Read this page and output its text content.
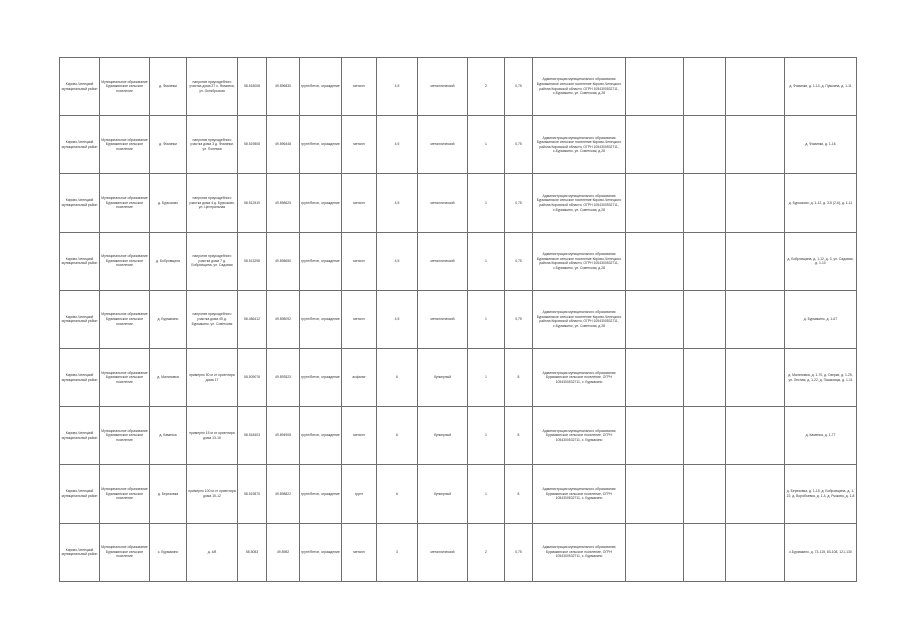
Кирово-Чепецкий муниципальный район	Муниципальное образование Бурмакинское сельское поселение	д. Фоминки	напротив приусадебного участка дома 27 с. Фоминки, ул. Октябрьская	58.518008	49.896830	грунт/бетон, ограждение	металл	4,5	металлический	2	0,75	Администрация муниципального образования Бурмакинское сельское поселение Кирово-Чепецкого района Кировской области, ОГРН 1054300532711, с.Бурмакино, ул. Советская, д.28				д. Фоминки, д. 1-14, д. Пушкина, д. 1-11
Кирово-Чепецкий муниципальный район	Муниципальное образование Бурмакинское сельское поселение	д. Фоминки	напротив приусадебного участка дома 3 д. Фоминки, ул. Полевая	58.519808	49.896448	грунт/бетон, ограждение	металл	4,5	металлический	1	0,75	Администрация муниципального образования Бурмакинское сельское поселение Кирово-Чепецкого района Кировской области, ОГРН 1054300532711, с.Бурмакино, ул. Советская, д.28				д. Фоминки, д. 1-16
Кирово-Чепецкий муниципальный район	Муниципальное образование Бурмакинское сельское поселение	д. Буркоково	напротив приусадебного участка дома 4 д. Буркоково, ул. Центральная	58.512519	49.898625	грунт/бетон, ограждение	металл	4,5	металлический	1	0,75	Администрация муниципального образования Бурмакинское сельское поселение Кирово-Чепецкого района Кировской области, ОГРН 1054300532711, с.Бурмакино, ул. Советская, д.28				д. Буркоково, д. 1-12, д. 3-5 (2-6), д. 1-11
Кирово-Чепецкий муниципальный район	Муниципальное образование Бурмакинское сельское поселение	д. Бобровщина	напротив приусадебного участка дома 7 д. Бобровщина, ул. Садовая	58.513298	49.898650	грунт/бетон, ограждение	металл	4,5	металлический	1	0,75	Администрация муниципального образования Бурмакинское сельское поселение Кирово-Чепецкого района Кировской области, ОГРН 1054300532711, с.Бурмакино, ул. Советская, д.28				д. Бобровщина, д. 1-12, д. 3, ул. Садовая, д. 1-10
Кирово-Чепецкий муниципальный район	Муниципальное образование Бурмакинское сельское поселение	д. Бурмакино	напротив приусадебного участка дома 45 д. Бурмакино, ул. Советская	58.486412	49.898092	грунт/бетон, ограждение	металл	4,5	металлический	1	0,75	Администрация муниципального образования Бурмакинское сельское поселение Кирово-Чепецкого района Кировской области, ОГРН 1054300532711, с.Бурмакино, ул. Советская, д.28				д. Бурмакино, д. 1-67
Кирово-Чепецкий муниципальный район	Муниципальное образование Бурмакинское сельское поселение	д. Малиновка	примерно 50 м от ориентира дома 17	58.509076	49.893523	грунт/бетон, ограждение	асфальт	6	бункерный	1	8	Администрация муниципального образования Бурмакинское сельское поселение, ОГРН 1054300532711, с. Бурмакино				д. Малиновка, д. 1-70, д. Озерки, д. 1-25, ул. Лесная, д. 1-22, д. Пашковцы, д. 1-11
Кирово-Чепецкий муниципальный район	Муниципальное образование Бурмакинское сельское поселение	д. Каменка	примерно 15 м от ориентира дома 13-15	58.518403	49.894908	грунт/бетон, ограждение	металл	6	бункерный	1	8	Администрация муниципального образования Бурмакинское сельское поселение, ОГРН 1054300532711, с. Бурмакино				д. Каменка, д. 1-77
Кирово-Чепецкий муниципальный район	Муниципальное образование Бурмакинское сельское поселение	д. Березовка	примерно 100 м от ориентира дома 15-12	58.519870	49.898822	грунт/бетон, ограждение	грунт	6	бункерный	1	8	Администрация муниципального образования Бурмакинское сельское поселение, ОГРН 1054300532711, с. Бурмакино				д. Березовка, д. 1-15, д. Бобровщина, д. 1-22, д. Воробьевка, д. 1-4, д. Рыжово, д. 1-8
Кирово-Чепецкий муниципальный район	Муниципальное образование Бурмакинское сельское поселение	с. Бурмакино	д. 4/8	58.5083	49.8982	грунт/бетон, ограждение	металл	3	металлический	2	0,75	Администрация муниципального образования Бурмакинское сельское поселение, ОГРН 1054300532711, с. Бурмакино				с.Бурмакино, д. 73-115, 83-108, 121-130
